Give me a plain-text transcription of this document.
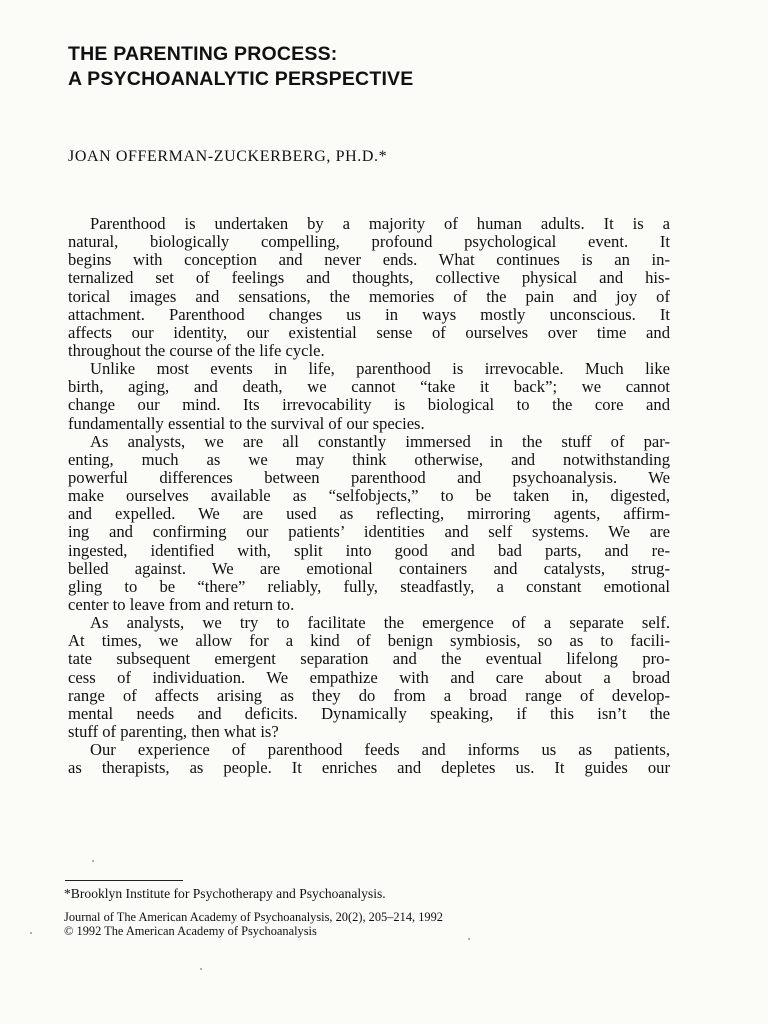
THE PARENTING PROCESS:
A PSYCHOANALYTIC PERSPECTIVE
JOAN OFFERMAN-ZUCKERBERG, PH.D.*
Parenthood is undertaken by a majority of human adults. It is a
natural, biologically compelling, profound psychological event. It
begins with conception and never ends. What continues is an in-
ternalized set of feelings and thoughts, collective physical and his-
torical images and sensations, the memories of the pain and joy of
attachment. Parenthood changes us in ways mostly unconscious. It
affects our identity, our existential sense of ourselves over time and
throughout the course of the life cycle.
Unlike most events in life, parenthood is irrevocable. Much like
birth, aging, and death, we cannot “take it back”; we cannot
change our mind. Its irrevocability is biological to the core and
fundamentally essential to the survival of our species.
As analysts, we are all constantly immersed in the stuff of par-
enting, much as we may think otherwise, and notwithstanding
powerful differences between parenthood and psychoanalysis. We
make ourselves available as “selfobjects,” to be taken in, digested,
and expelled. We are used as reflecting, mirroring agents, affirm-
ing and confirming our patients’ identities and self systems. We are
ingested, identified with, split into good and bad parts, and re-
belled against. We are emotional containers and catalysts, strug-
gling to be “there” reliably, fully, steadfastly, a constant emotional
center to leave from and return to.
As analysts, we try to facilitate the emergence of a separate self.
At times, we allow for a kind of benign symbiosis, so as to facili-
tate subsequent emergent separation and the eventual lifelong pro-
cess of individuation. We empathize with and care about a broad
range of affects arising as they do from a broad range of develop-
mental needs and deficits. Dynamically speaking, if this isn’t the
stuff of parenting, then what is?
Our experience of parenthood feeds and informs us as patients,
as therapists, as people. It enriches and depletes us. It guides our
*Brooklyn Institute for Psychotherapy and Psychoanalysis.
Journal of The American Academy of Psychoanalysis, 20(2), 205–214, 1992
© 1992 The American Academy of Psychoanalysis
